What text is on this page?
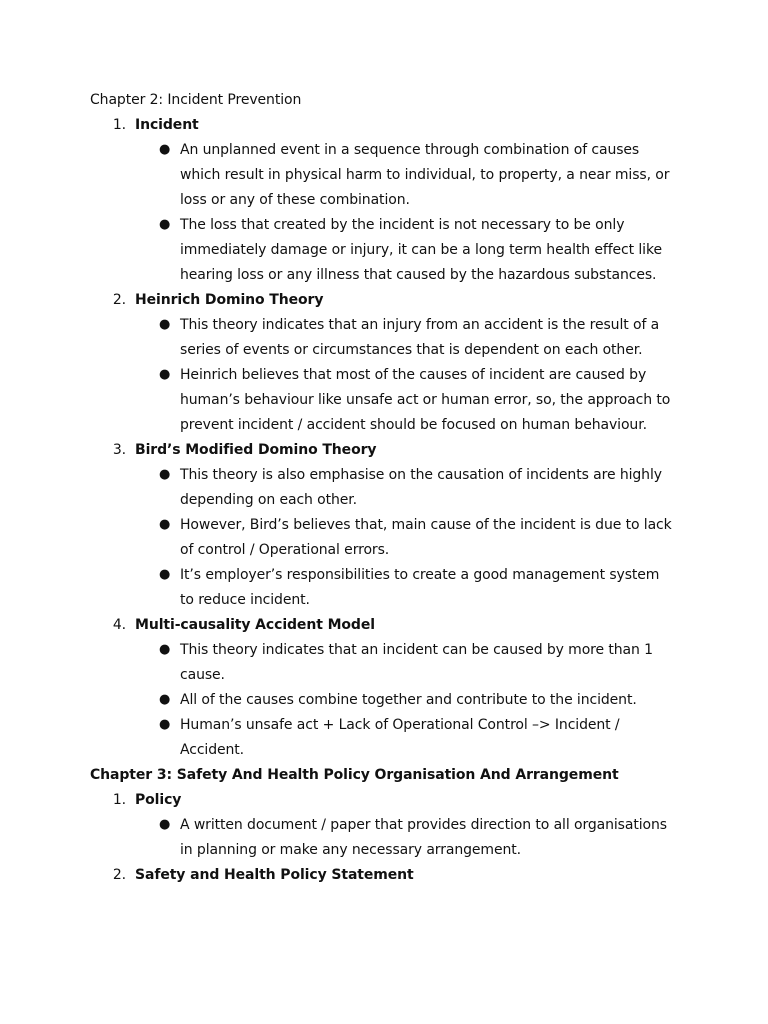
Chapter 2: Incident Prevention
1. Incident
● An unplanned event in a sequence through combination of causes
which result in physical harm to individual, to property, a near miss, or
loss or any of these combination.
● The loss that created by the incident is not necessary to be only
immediately damage or injury, it can be a long term health effect like
hearing loss or any illness that caused by the hazardous substances.
2. Heinrich Domino Theory
● This theory indicates that an injury from an accident is the result of a
series of events or circumstances that is dependent on each other.
● Heinrich believes that most of the causes of incident are caused by
human’s behaviour like unsafe act or human error, so, the approach to
prevent incident / accident should be focused on human behaviour.
3. Bird’s Modified Domino Theory
● This theory is also emphasise on the causation of incidents are highly
depending on each other.
● However, Bird’s believes that, main cause of the incident is due to lack
of control / Operational errors.
● It’s employer’s responsibilities to create a good management system
to reduce incident.
4. Multi-causality Accident Model
● This theory indicates that an incident can be caused by more than 1
cause.
● All of the causes combine together and contribute to the incident.
● Human’s unsafe act + Lack of Operational Control –> Incident /
Accident.
Chapter 3: Safety And Health Policy Organisation And Arrangement
1. Policy
● A written document / paper that provides direction to all organisations
in planning or make any necessary arrangement.
2. Safety and Health Policy Statement
